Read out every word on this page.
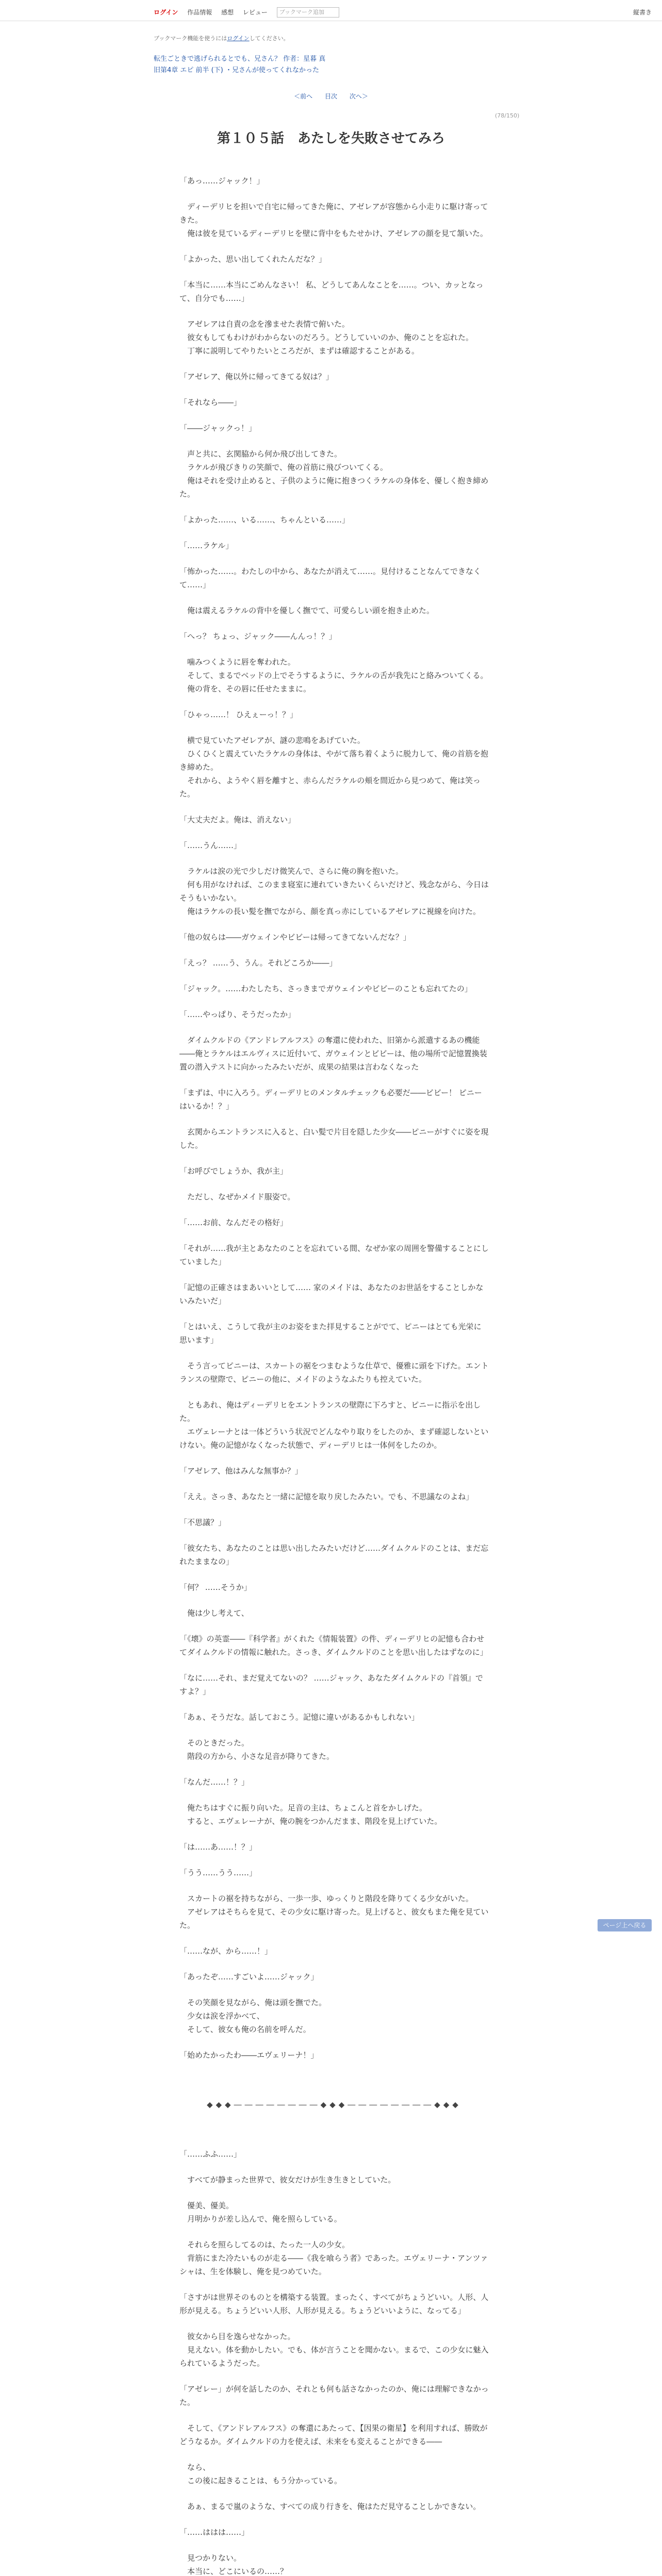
ログイン 作品情報 感想 レビュー ブックマーク追加	縦書き
ブックマーク機能を使うにはログインしてください。
転生ごときで逃げられるとでも、兄さん？ 作者：星暮 真
旧第4章 エピ 前半 (下) ・兄さんが使ってくれなかった
＜前へ 目次 次へ＞
(78/150)
第１０５話　あたしを失敗させてみろ
「あっ……ジャック！」
　ディーデリヒを担いで自宅に帰ってきた俺に、アゼレアが容態から小走りに駆け寄ってきた。
　俺は彼を見ているディーデリヒを壁に背中をもたせかけ、アゼレアの顔を見て頷いた。
「よかった、思い出してくれたんだな？」
「本当に……本当にごめんなさい！ 私、どうしてあんなことを……。つい、カッとなって、自分でも……」
　アゼレアは自責の念を滲ませた表情で俯いた。
　彼女もしてもわけがわからないのだろう。どうしていいのか、俺のことを忘れた。
　丁寧に説明してやりたいところだが、まずは確認することがある。
「アゼレア、俺以外に帰ってきてる奴は？」
「それなら――」
「――ジャックっ！」
　声と共に、玄関脇から何か飛び出してきた。
　ラケルが飛びきりの笑顔で、俺の首筋に飛びついてくる。
　俺はそれを受け止めると、子供のように俺に抱きつくラケルの身体を、優しく抱き締めた。
「よかった……、いる……、ちゃんといる……」
「……ラケル」
「怖かった……。わたしの中から、あなたが消えて……。見付けることなんてできなくて……」
　俺は震えるラケルの背中を優しく撫でて、可愛らしい頭を抱き止めた。
「へっ？ ちょっ、ジャック――んんっ！？」
　噛みつくように唇を奪われた。
　そして、まるでベッドの上でそうするように、ラケルの舌が我先にと絡みついてくる。
　俺の背を、その唇に任せたままに。
「ひゃっ……！ ひえぇーっ！？」
　横で見ていたアゼレアが、謎の悲鳴をあげていた。
　ひくひくと震えていたラケルの身体は、やがて落ち着くように脱力して、俺の首筋を抱き締めた。
　それから、ようやく唇を離すと、赤らんだラケルの頬を間近から見つめて、俺は笑った。
「大丈夫だよ。俺は、消えない」
「……うん……」
　ラケルは涙の光で少しだけ微笑んで、さらに俺の胸を抱いた。
　何も用がなければ、このまま寝室に連れていきたいくらいだけど、残念ながら、今日はそうもいかない。
　俺はラケルの長い髪を撫でながら、顔を真っ赤にしているアゼレアに視線を向けた。
「他の奴らは――ガウェインやビビーは帰ってきてないんだな？」
「えっ？ ……う、うん。それどころか――」
「ジャック。……わたしたち、さっきまでガウェインやビビーのことも忘れてたの」
「……やっぱり、そうだったか」
　ダイムクルドの《アンドレアルフス》の奪還に使われた、旧第から派遣するあの機能――俺とラケルはエルヴィスに近付いて、ガウェインとビビーは、他の場所で記憶置換装置の潜入テストに向かったみたいだが、成果の結果は言わなくなった
「まずは、中に入ろう。ディーデリヒのメンタルチェックも必要だ――ビビー！ ピニーはいるか！？」
　玄関からエントランスに入ると、白い髪で片目を隠した少女――ピニーがすぐに姿を現した。
「お呼びでしょうか、我が主」
　ただし、なぜかメイド服姿で。
「……お前、なんだその格好」
「それが……我が主とあなたのことを忘れている間、なぜか家の周囲を警備することにしていました」
「記憶の正確さはまあいいとして…… 家のメイドは、あなたのお世話をすることしかないみたいだ」
「とはいえ、こうして我が主のお姿をまた拝見することがでて、ピニーはとても光栄に思います」
　そう言ってピニーは、スカートの裾をつまむような仕草で、優雅に頭を下げた。エントランスの壁際で、ピニーの他に、メイドのようなふたりも控えていた。
　ともあれ、俺はディーデリヒをエントランスの壁際に下ろすと、ピニーに指示を出した。
　エヴェレーナとは一体どういう状況でどんなやり取りをしたのか、まず確認しないといけない。俺の記憶がなくなった状態で、ディーデリヒは一体何をしたのか。
「アゼレア、他はみんな無事か？」
「ええ。さっき、あなたと一緒に記憶を取り戻したみたい。でも、不思議なのよね」
「不思議？」
「彼女たち、あなたのことは思い出したみたいだけど……ダイムクルドのことは、まだ忘れたままなの」
「何？ ……そうか」
　俺は少し考えて、
「《壊》の英霊――『科学者』がくれた《情報装置》の件、ディーデリヒの記憶も合わせてダイムクルドの情報に触れた。さっき、ダイムクルドのことを思い出したはずなのに」
「なに……それ、まだ覚えてないの？ ……ジャック、あなたダイムクルドの『首領』ですよ？」
「あぁ、そうだな。話しておこう。記憶に違いがあるかもしれない」
　そのときだった。
　階段の方から、小さな足音が降りてきた。
「なんだ……！？」
　俺たちはすぐに振り向いた。足音の主は、ちょこんと首をかしげた。
　すると、エヴェレーナが、俺の腕をつかんだまま、階段を見上げていた。
「は……あ……！？」
「うう……うう……」
　スカートの裾を持ちながら、一歩一歩、ゆっくりと階段を降りてくる少女がいた。
　アゼレアはそちらを見て、その少女に駆け寄った。見上げると、彼女もまた俺を見ていた。
「……なが、から……！」
「あったぞ……すごいよ……ジャック」
　その笑顔を見ながら、俺は頭を撫でた。
　少女は涙を浮かべて、
　そして、彼女も俺の名前を呼んだ。
「始めたかったわ――エヴェリーナ！」
◆◆◆――――――――◆◆◆――――――――◆◆◆
「……ふふ……」
　すべてが静まった世界で、彼女だけが生き生きとしていた。
　優美、優美。
　月明かりが差し込んで、俺を照らしている。
　それらを照らしてるのは、たった一人の少女。
　背筋にまた冷たいものが走る――《我を喰らう者》であった。エヴェリーナ・アンツァシャは、生を体験し、俺を見つめていた。
「さすがは世界そのものとを構築する装置。まったく、すべてがちょうどいい。人形、人形が見える。ちょうどいい人形、人形が見える。ちょうどいいように、なってる」
　彼女から目を逸らせなかった。
　見えない。体を動かしたい。でも、体が言うことを聞かない。まるで、この少女に魅入られているようだった。
「アゼレー」が何を話したのか、それとも何も話さなかったのか、俺には理解できなかった。
　そして、《アンドレアルフス》の奪還にあたって、【因果の衛星】を利用すれば、勝敗がどうなるか。ダイムクルドの力を使えば、未来をも変えることができる――
　なら、
　この後に起きることは、もう分かっている。
　あぁ、まるで嵐のような、すべての成り行きを、俺はただ見守ることしかできない。
「……ははは……」
　見つかりない。
　本当に、どこにいるの……？
ページ上へ戻る
